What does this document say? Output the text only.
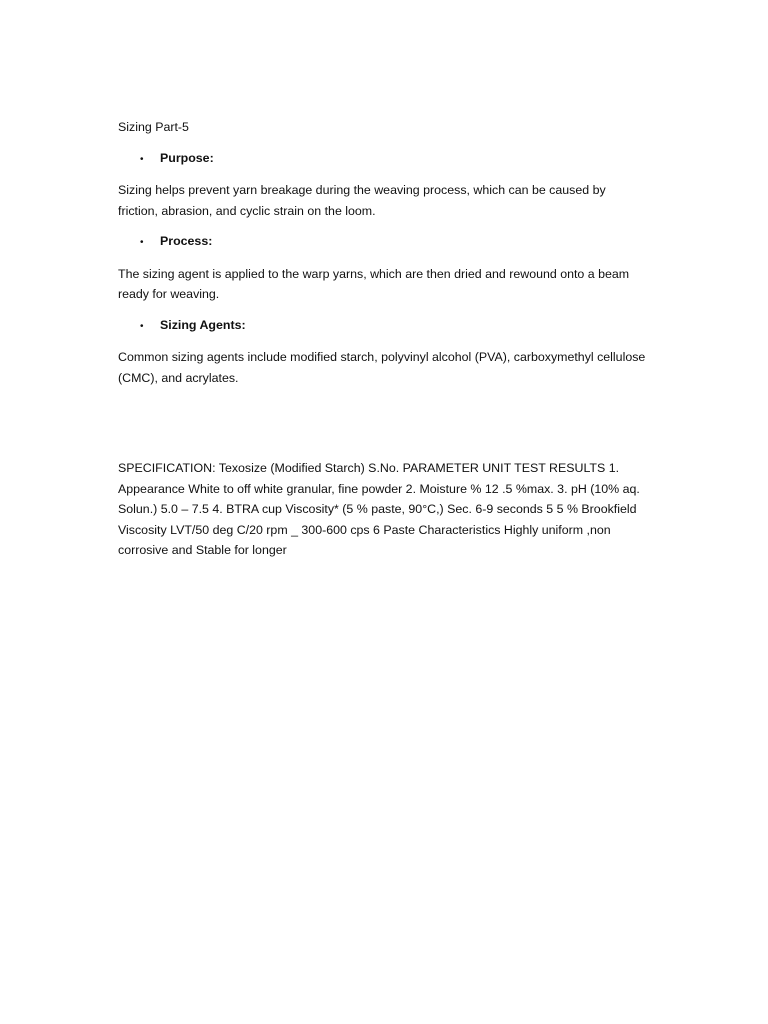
Sizing Part-5

•	Purpose:

Sizing helps prevent yarn breakage during the weaving process, which can be caused by friction, abrasion, and cyclic strain on the loom.

•	Process:

The sizing agent is applied to the warp yarns, which are then dried and rewound onto a beam ready for weaving.

•	Sizing Agents:

Common sizing agents include modified starch, polyvinyl alcohol (PVA), carboxymethyl cellulose (CMC), and acrylates.

SPECIFICATION: Texosize (Modified Starch) S.No. PARAMETER UNIT TEST RESULTS 1. Appearance White to off white granular, fine powder 2. Moisture % 12 .5 %max. 3. pH (10% aq. Solun.) 5.0 – 7.5 4. BTRA cup Viscosity* (5 % paste, 90°C,) Sec. 6-9 seconds 5 5 % Brookfield Viscosity LVT/50 deg C/20 rpm _ 300-600 cps 6 Paste Characteristics Highly uniform ,non corrosive and Stable for longer
